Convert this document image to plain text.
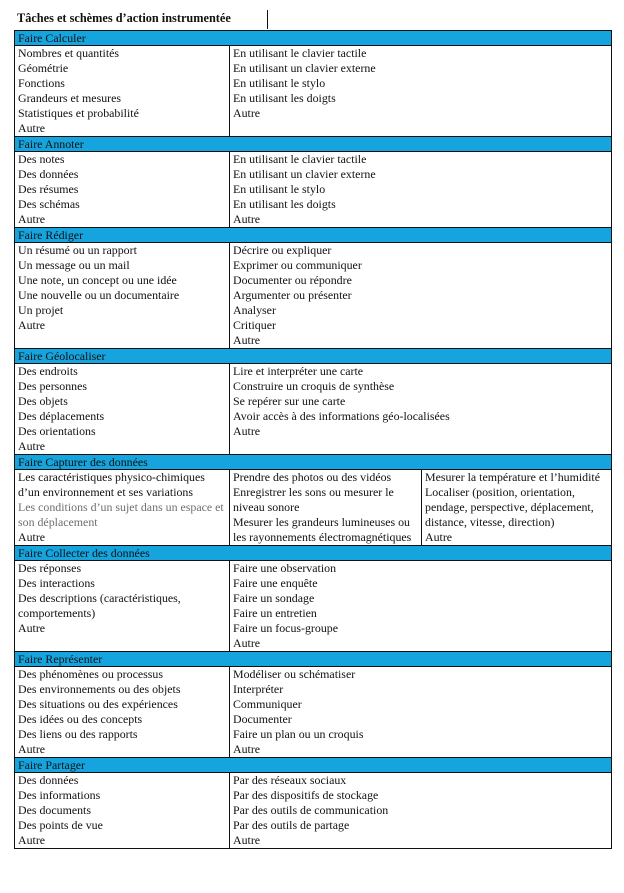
Tâches et schèmes d’action instrumentée
Faire Calculer
Nombres et quantités
Géométrie
Fonctions
Grandeurs et mesures
Statistiques et probabilité
Autre
En utilisant le clavier tactile
En utilisant un clavier externe
En utilisant le stylo
En utilisant les doigts
Autre
Faire Annoter
Des notes
Des données
Des résumes
Des schémas
Autre
En utilisant le clavier tactile
En utilisant un clavier externe
En utilisant le stylo
En utilisant les doigts
Autre
Faire Rédiger
Un résumé ou un rapport
Un message ou un mail
Une note, un concept ou une idée
Une nouvelle ou un documentaire
Un projet
Autre
Décrire ou expliquer
Exprimer ou communiquer
Documenter ou répondre
Argumenter ou présenter
Analyser
Critiquer
Autre
Faire Géolocaliser
Des endroits
Des personnes
Des objets
Des déplacements
Des orientations
Autre
Lire et interpréter une carte
Construire un croquis de synthèse
Se repérer sur une carte
Avoir accès à des informations géo-localisées
Autre
Faire Capturer des données
Les caractéristiques physico-chimiques d’un environnement et ses variations
Les conditions d’un sujet dans un espace et son déplacement
Autre
Prendre des photos ou des vidéos
Enregistrer les sons ou mesurer le niveau sonore
Mesurer les grandeurs lumineuses ou les rayonnements électromagnétiques
Mesurer la température et l’humidité
Localiser (position, orientation, pendage, perspective, déplacement, distance, vitesse, direction)
Autre
Faire Collecter des données
Des réponses
Des interactions
Des descriptions (caractéristiques, comportements)
Autre
Faire une observation
Faire une enquête
Faire un sondage
Faire un entretien
Faire un focus-groupe
Autre
Faire Représenter
Des phénomènes ou processus
Des environnements ou des objets
Des situations ou des expériences
Des idées ou des concepts
Des liens ou des rapports
Autre
Modéliser ou schématiser
Interpréter
Communiquer
Documenter
Faire un plan ou un croquis
Autre
Faire Partager
Des données
Des informations
Des documents
Des points de vue
Autre
Par des réseaux sociaux
Par des dispositifs de stockage
Par des outils de communication
Par des outils de partage
Autre
